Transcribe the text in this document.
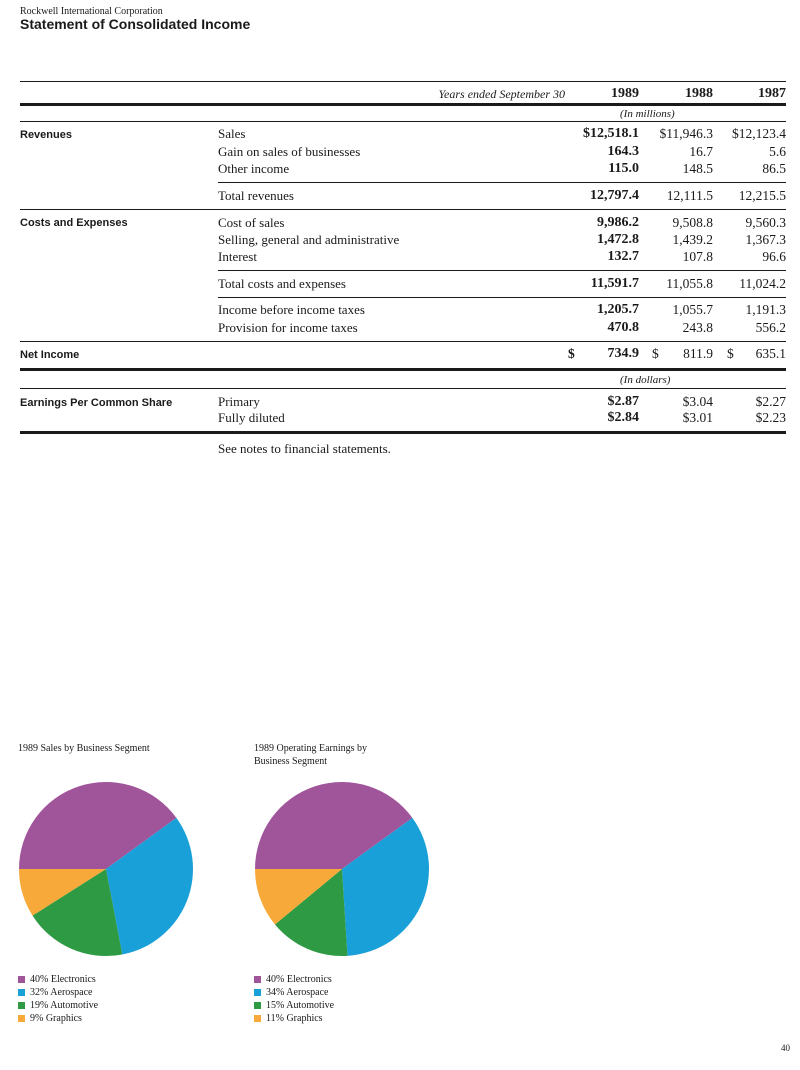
Rockwell International Corporation
Statement of Consolidated Income
Years ended September 30	1989	1988	1987
(In millions)
Revenues	Sales	$12,518.1 $11,946.3 $12,123.4
Gain on sales of businesses	164.3	16.7	5.6
Other income	115.0	148.5	86.5
Total revenues	12,797.4 12,111.5 12,215.5
Costs and Expenses	Cost of sales	9,986.2 9,508.8 9,560.3
Selling, general and administrative	1,472.8 1,439.2 1,367.3
Interest	132.7	107.8	96.6
Total costs and expenses	11,591.7 11,055.8 11,024.2
Income before income taxes	1,205.7 1,055.7 1,191.3
Provision for income taxes	470.8	243.8	556.2
Net Income	$ 734.9 $ 811.9 $ 635.1
(In dollars)
Earnings Per Common Share	Primary	$2.87	$3.04	$2.27
Fully diluted	$2.84	$3.01	$2.23
See notes to financial statements.
1989 Sales by Business Segment
40% Electronics
32% Aerospace
19% Automotive
9% Graphics
1989 Operating Earnings by Business Segment
40% Electronics
34% Aerospace
15% Automotive
11% Graphics
40
